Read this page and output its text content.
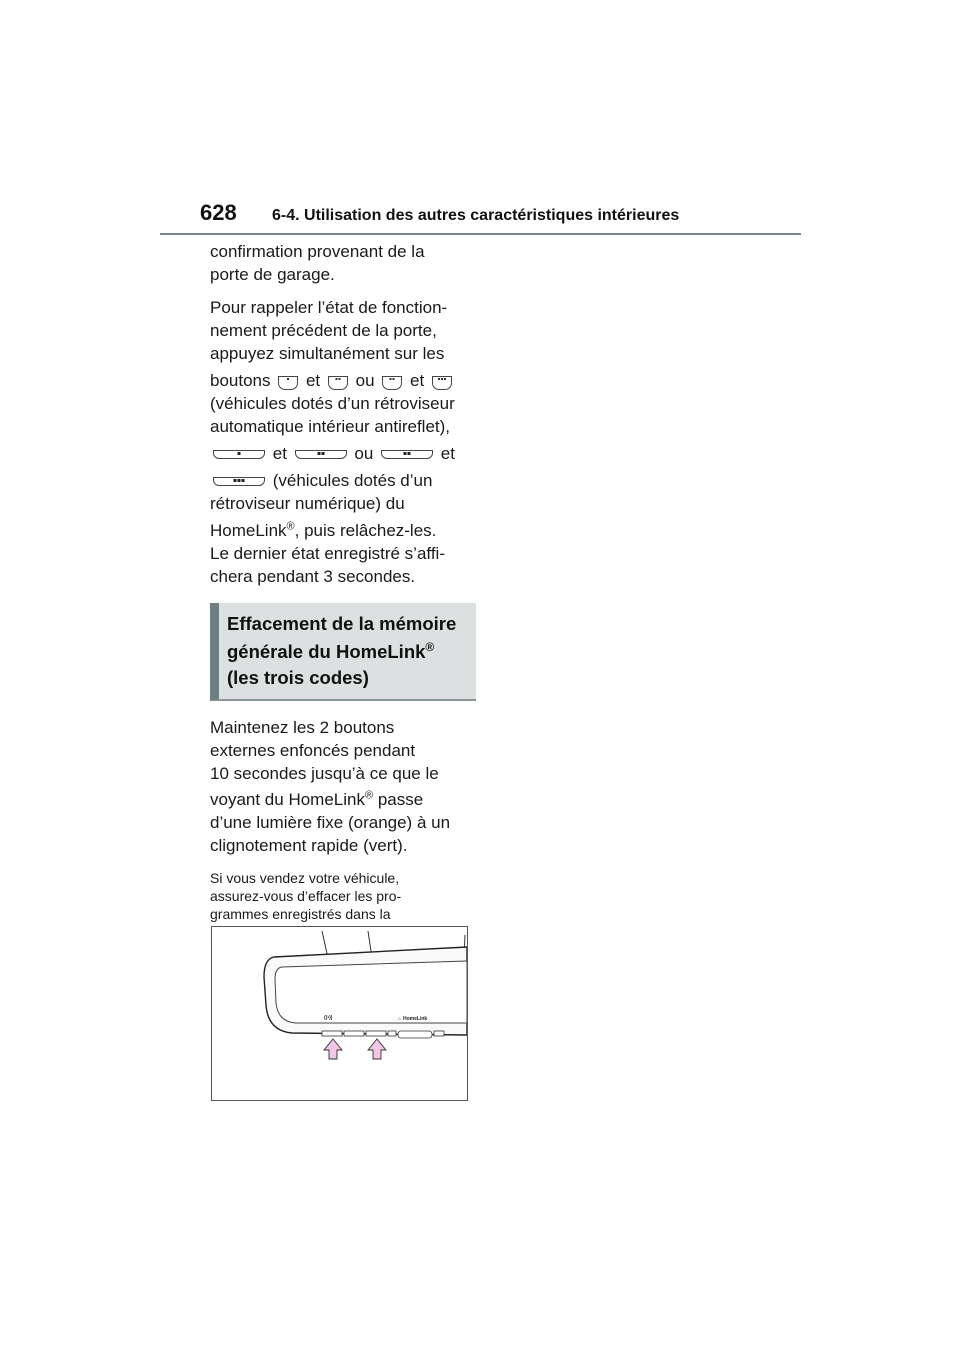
628 6-4. Utilisation des autres caractéristiques intérieures

confirmation provenant de la
porte de garage.

Pour rappeler l’état de fonction-
nement précédent de la porte,
appuyez simultanément sur les
boutons et ou et
(véhicules dotés d’un rétroviseur
automatique intérieur antireflet),
et	ou	et
(véhicules dotés d’un
rétroviseur numérique) du
HomeLink®, puis relâchez-les.
Le dernier état enregistré s’affi-
chera pendant 3 secondes.

Effacement de la mémoire
générale du HomeLink®
(les trois codes)

Maintenez les 2 boutons
externes enfoncés pendant
10 secondes jusqu’à ce que le
voyant du HomeLink® passe
d’une lumière fixe (orange) à un
clignotement rapide (vert).

Si vous vendez votre véhicule,
assurez-vous d’effacer les pro-
grammes enregistrés dans la
((•))	⌂ HomeLink
